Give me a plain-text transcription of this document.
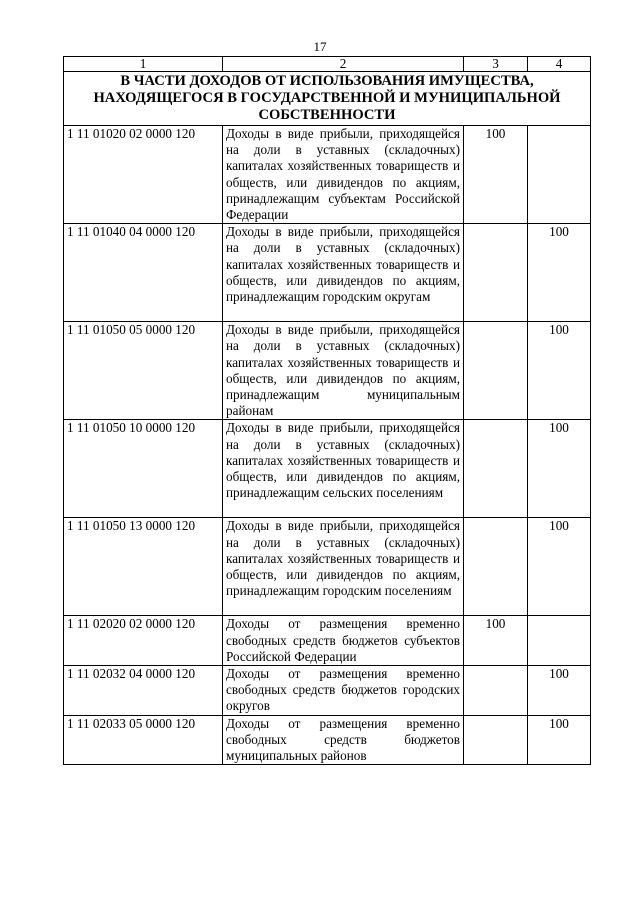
17
1	2	3	4
В ЧАСТИ ДОХОДОВ ОТ ИСПОЛЬЗОВАНИЯ ИМУЩЕСТВА, НАХОДЯЩЕГОСЯ В ГОСУДАРСТВЕННОЙ И МУНИЦИПАЛЬНОЙ СОБСТВЕННОСТИ			
1 11 01020 02 0000 120	Доходы в виде прибыли, приходящейся на доли в уставных (складочных) капиталах хозяйственных товариществ и обществ, или дивидендов по акциям, принадлежащим субъектам Российской Федерации	100	
1 11 01040 04 0000 120	Доходы в виде прибыли, приходящейся на доли в уставных (складочных) капиталах хозяйственных товариществ и обществ, или дивидендов по акциям, принадлежащим городским округам		100
1 11 01050 05 0000 120	Доходы в виде прибыли, приходящейся на доли в уставных (складочных) капиталах хозяйственных товариществ и обществ, или дивидендов по акциям, принадлежащим муниципальным районам		100
1 11 01050 10 0000 120	Доходы в виде прибыли, приходящейся на доли в уставных (складочных) капиталах хозяйственных товариществ и обществ, или дивидендов по акциям, принадлежащим сельских поселениям		100
1 11 01050 13 0000 120	Доходы в виде прибыли, приходящейся на доли в уставных (складочных) капиталах хозяйственных товариществ и обществ, или дивидендов по акциям, принадлежащим городским поселениям		100
1 11 02020 02 0000 120	Доходы от размещения временно свободных средств бюджетов субъектов Российской Федерации	100	
1 11 02032 04 0000 120	Доходы от размещения временно свободных средств бюджетов городских округов		100
1 11 02033 05 0000 120	Доходы от размещения временно свободных средств бюджетов муниципальных районов		100
